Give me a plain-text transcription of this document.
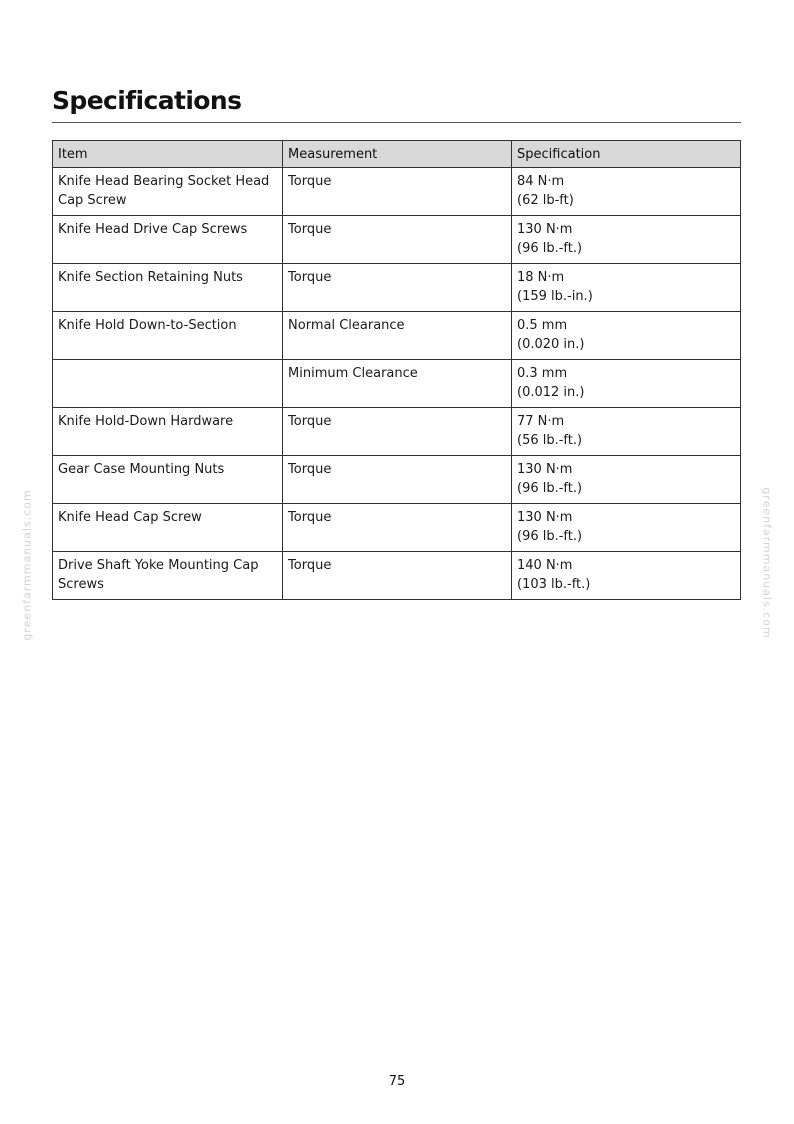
Specifications
Item	Measurement	Specification
Knife Head Bearing Socket Head Cap Screw	Torque	84 N·m
(62 lb-ft)

Knife Head Drive Cap Screws	Torque	130 N·m
(96 lb.-ft.)

Knife Section Retaining Nuts	Torque	18 N·m
(159 lb.-in.)

Knife Hold Down-to-Section	Normal Clearance	0.5 mm
(0.020 in.)

	Minimum Clearance	0.3 mm
(0.012 in.)

Knife Hold-Down Hardware	Torque	77 N·m
(56 lb.-ft.)

Gear Case Mounting Nuts	Torque	130 N·m
(96 lb.-ft.)

Knife Head Cap Screw	Torque	130 N·m
(96 lb.-ft.)

Drive Shaft Yoke Mounting Cap Screws	Torque	140 N·m
(103 lb.-ft.)
greenfarmmanuals.com	greenfarmmanuals.com
75
